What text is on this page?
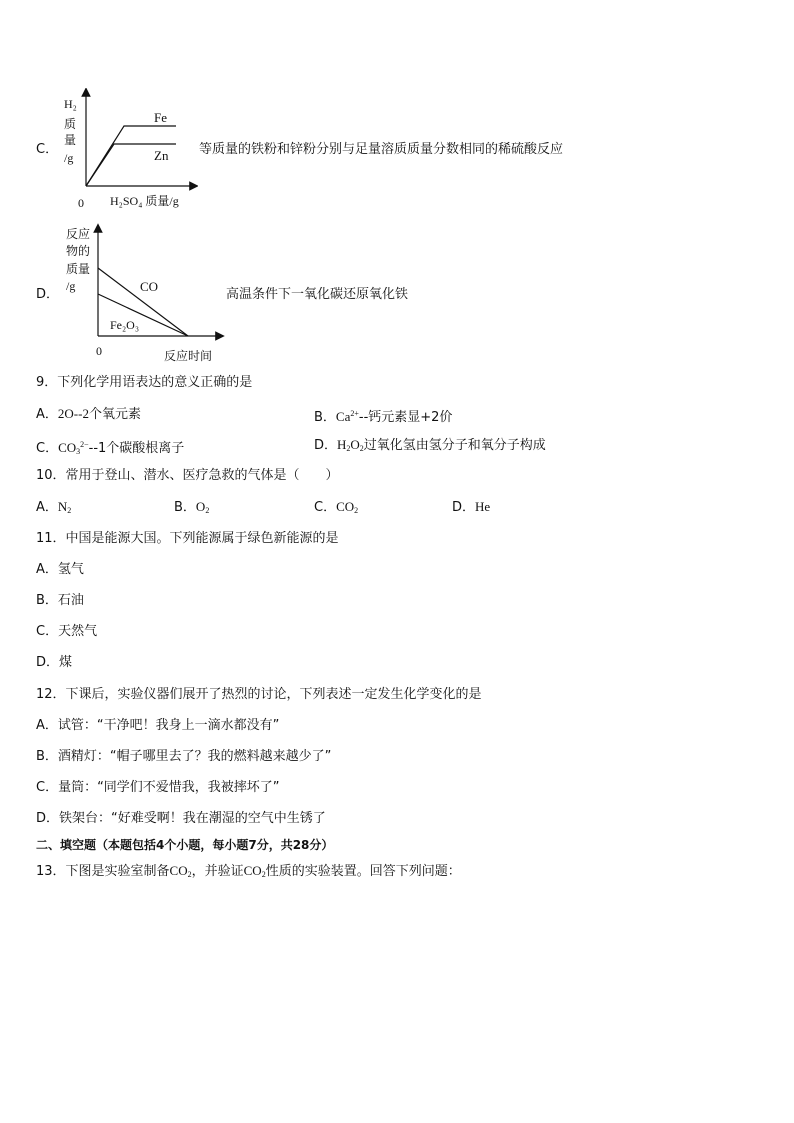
C．
H₂
质
量
/g
Fe
Zn
0 H₂SO₄ 质量/g
等质量的铁粉和锌粉分别与足量溶质质量分数相同的稀硫酸反应
D．
反应
物的
质量
/g	CO
Fe₂O₃
0	反应时间
高温条件下一氧化碳还原氧化铁
9．下列化学用语表达的意义正确的是
A．2O--2个氧元素	B．$Ca^{2+}--$钙元素显+2价
C．$CO_3^{2-}--1$个碳酸根离子	D．$H_2O_2$过氧化氢由氢分子和氧分子构成
10．常用于登山、潜水、医疗急救的气体是（　　）
A．$N_2$	B．$O_2$	C．$CO_2$	D．He
11．中国是能源大国。下列能源属于绿色新能源的是
A．氢气
B．石油
C．天然气
D．煤
12．下课后，实验仪器们展开了热烈的讨论，下列表述一定发生化学变化的是
A．试管：“干净吧！我身上一滴水都没有”
B．酒精灯：“帽子哪里去了？我的燃料越来越少了”
C．量筒：“同学们不爱惜我，我被摔坏了”
D．铁架台：“好难受啊！我在潮湿的空气中生锈了
二、填空题（本题包括4个小题，每小题7分，共28分）
13．下图是实验室制备$CO_2$，并验证$CO_2$性质的实验装置。回答下列问题：
